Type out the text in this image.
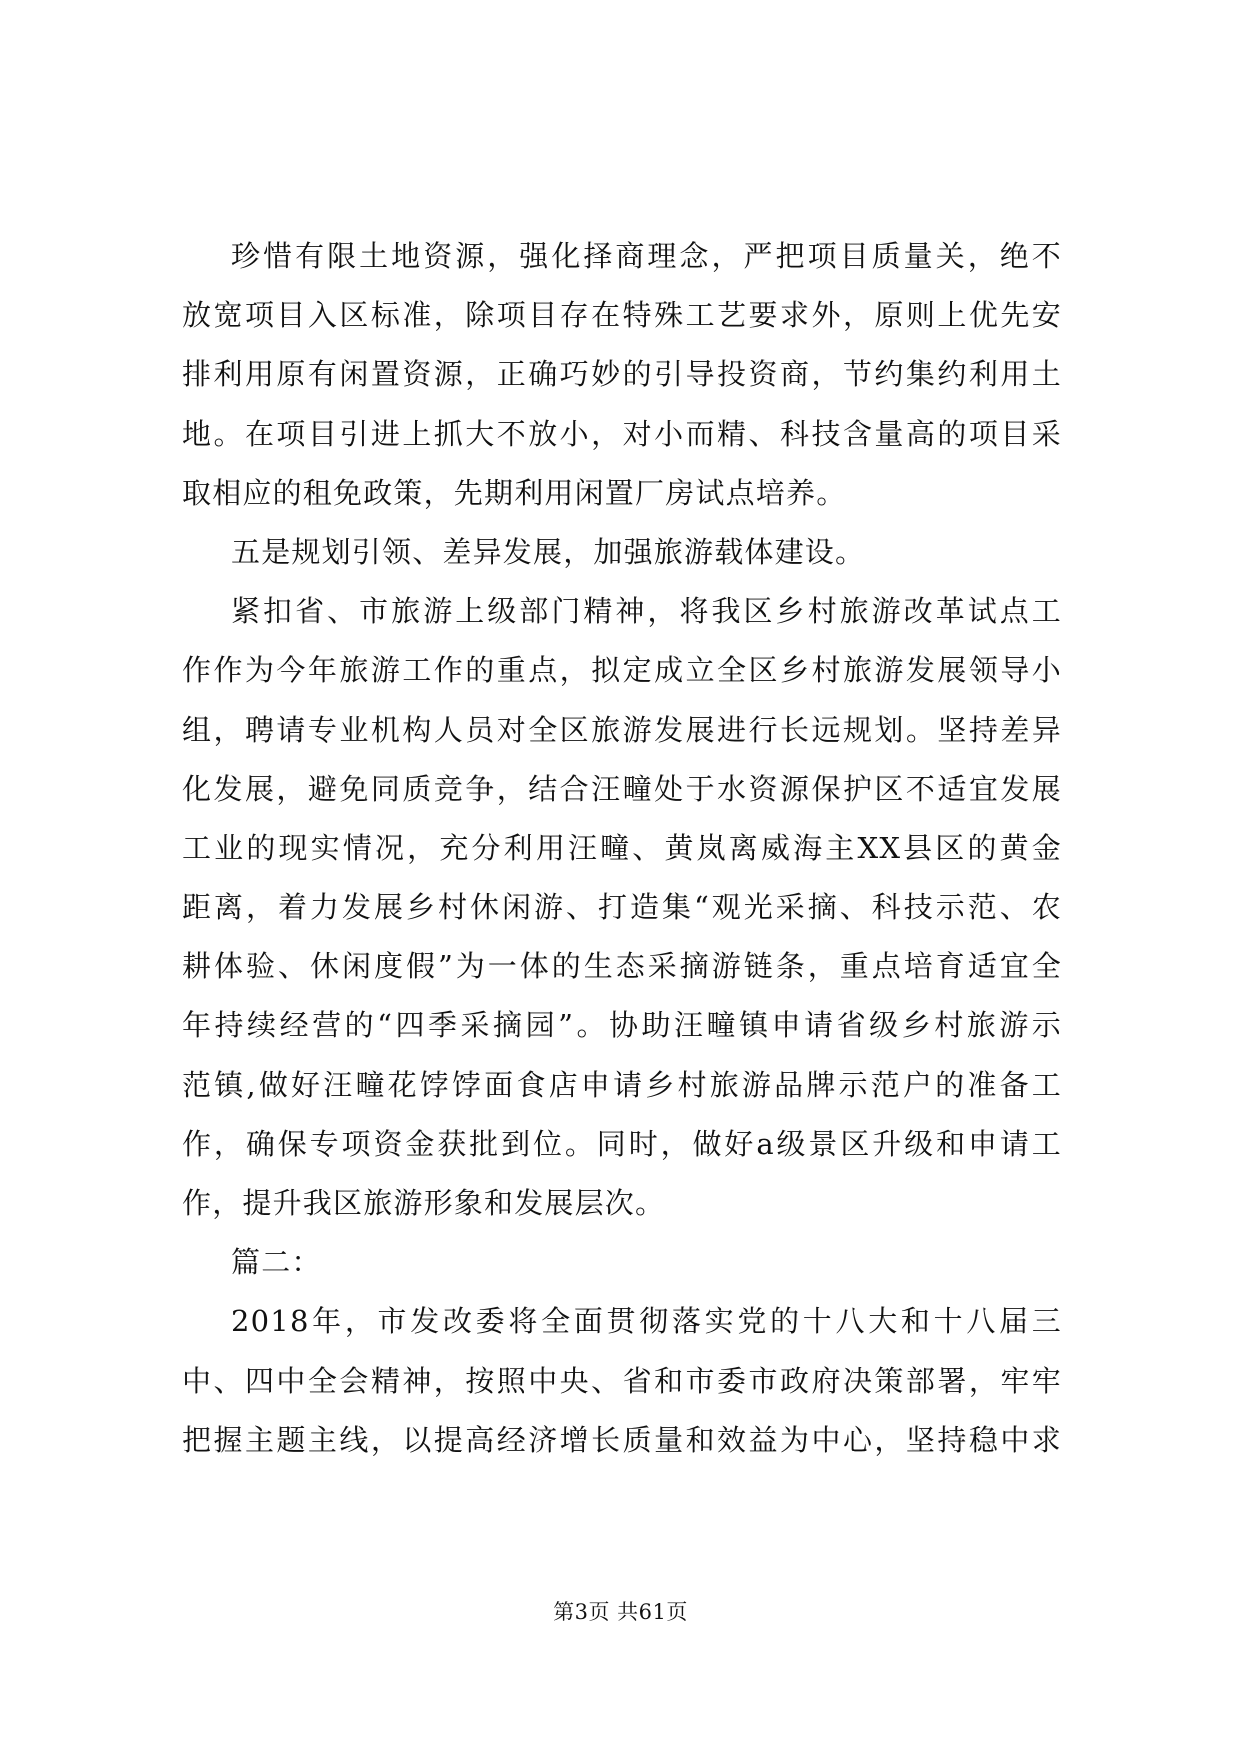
珍惜有限土地资源，强化择商理念，严把项目质量关，绝不
放宽项目入区标准，除项目存在特殊工艺要求外，原则上优先安
排利用原有闲置资源，正确巧妙的引导投资商，节约集约利用土
地。在项目引进上抓大不放小，对小而精、科技含量高的项目采
取相应的租免政策，先期利用闲置厂房试点培养。
五是规划引领、差异发展，加强旅游载体建设。
紧扣省、市旅游上级部门精神，将我区乡村旅游改革试点工
作作为今年旅游工作的重点，拟定成立全区乡村旅游发展领导小
组，聘请专业机构人员对全区旅游发展进行长远规划。坚持差异
化发展，避免同质竞争，结合汪疃处于水资源保护区不适宜发展
工业的现实情况，充分利用汪疃、黄岚离威海主XX县区的黄金
距离，着力发展乡村休闲游、打造集“观光采摘、科技示范、农
耕体验、休闲度假”为一体的生态采摘游链条，重点培育适宜全
年持续经营的“四季采摘园”。协助汪疃镇申请省级乡村旅游示
范镇,做好汪疃花饽饽面食店申请乡村旅游品牌示范户的准备工
作，确保专项资金获批到位。同时，做好a级景区升级和申请工
作，提升我区旅游形象和发展层次。
篇二：
2018年，市发改委将全面贯彻落实党的十八大和十八届三
中、四中全会精神，按照中央、省和市委市政府决策部署，牢牢
把握主题主线，以提高经济增长质量和效益为中心，坚持稳中求
第3页 共61页
